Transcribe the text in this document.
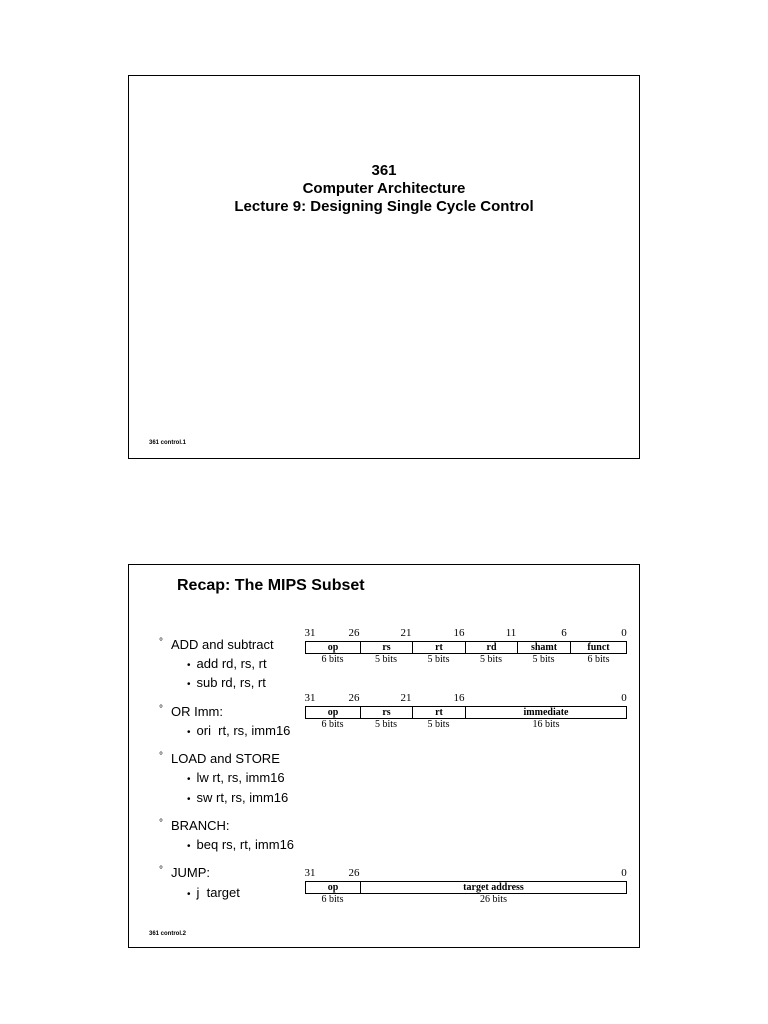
361
Computer Architecture
Lecture 9: Designing Single Cycle Control
361 control.1
Recap: The MIPS Subset
° ADD and subtract
• add rd, rs, rt
• sub rd, rs, rt
° OR Imm:
• ori  rt, rs, imm16
° LOAD and STORE
• lw rt, rs, imm16
• sw rt, rs, imm16
° BRANCH:
• beq rs, rt, imm16
° JUMP:
• j  target
31	26	21	16	11	6	0
op	rs	rt	rd	shamt	funct
6 bits	5 bits	5 bits	5 bits	5 bits	6 bits
31	26	21	16	0
op	rs	rt	immediate
6 bits	5 bits	5 bits	16 bits
31	26	0
op	target address
6 bits	26 bits
361 control.2
